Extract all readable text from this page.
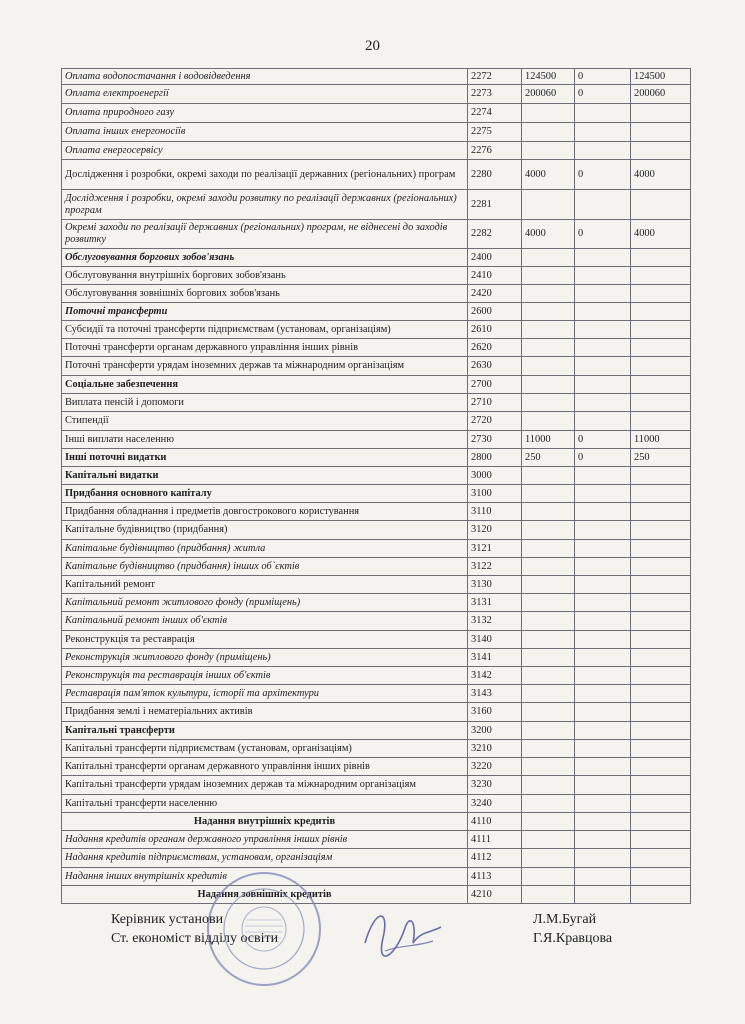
20
Оплата водопостачання і водовідведення	2272	124500	0	124500
Оплата електроенергії	2273	200060	0	200060
Оплата природного газу	2274			
Оплата інших енергоносіїв	2275			
Оплата енергосервісу	2276			
Дослідження і розробки, окремі заходи по реалізації державних (регіональних) програм	2280	4000	0	4000
Дослідження і розробки, окремі заходи розвитку по реалізації державних (регіональних) програм	2281			
Окремі заходи по реалізації державних (регіональних) програм, не віднесені до заходів розвитку	2282	4000	0	4000
Обслуговування боргових зобов'язань	2400			
Обслуговування внутрішніх боргових зобов'язань	2410			
Обслуговування зовнішніх боргових зобов'язань	2420			
Поточні трансферти	2600			
Субсидії та поточні трансферти підприємствам (установам, організаціям)	2610			
Поточні трансферти органам державного управління інших рівнів	2620			
Поточні трансферти урядам іноземних держав та міжнародним організаціям	2630			
Соціальне забезпечення	2700			
Виплата пенсій і допомоги	2710			
Стипендії	2720			
Інші виплати населенню	2730	11000	0	11000
Інші поточні видатки	2800	250	0	250
Капітальні видатки	3000			
Придбання основного капіталу	3100			
Придбання обладнання і предметів довгострокового користування	3110			
Капітальне будівництво (придбання)	3120			
Капітальне будівництво (придбання) житла	3121			
Капітальне будівництво (придбання) інших об`єктів	3122			
Капітальний ремонт	3130			
Капітальний ремонт житлового фонду (приміщень)	3131			
Капітальний ремонт інших об'єктів	3132			
Реконструкція та реставрація	3140			
Реконструкція житлового фонду (приміщень)	3141			
Реконструкція та реставрація інших об'єктів	3142			
Реставрація пам'яток культури, історії та архітектури	3143			
Придбання землі і нематеріальних активів	3160			
Капітальні трансферти	3200			
Капітальні трансферти підприємствам (установам, організаціям)	3210			
Капітальні трансферти органам державного управління інших рівнів	3220			
Капітальні трансферти урядам іноземних держав та міжнародним організаціям	3230			
Капітальні трансферти населенню	3240			
Надання внутрішніх кредитів	4110			
Надання кредитів органам державного управління інших рівнів	4111			
Надання кредитів підприємствам, установам, організаціям	4112			
Надання інших внутрішніх кредитів	4113			
Надання зовнішніх кредитів	4210			
Керівник установи	Л.М.Бугай
Ст. економіст відділу освіти	Г.Я.Кравцова
